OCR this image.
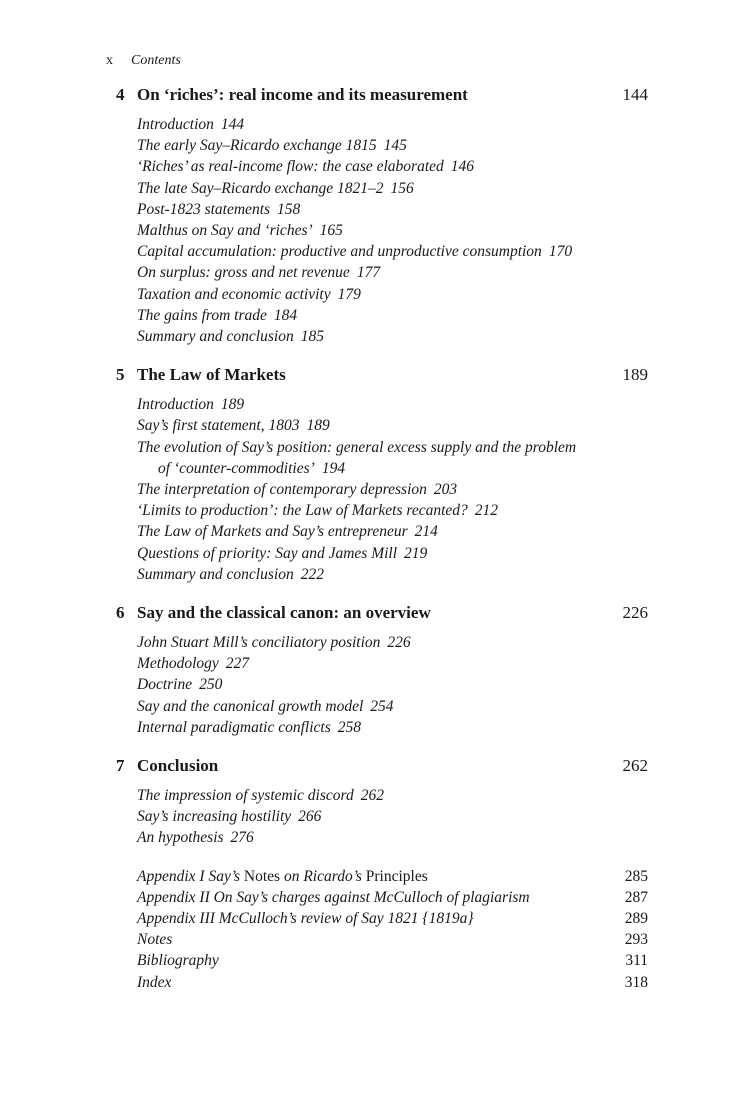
x Contents
4 On ‘riches’: real income and its measurement	144
Introduction 144
The early Say–Ricardo exchange 1815 145
‘Riches’ as real-income flow: the case elaborated 146
The late Say–Ricardo exchange 1821–2 156
Post-1823 statements 158
Malthus on Say and ‘riches’ 165
Capital accumulation: productive and unproductive consumption 170
On surplus: gross and net revenue 177
Taxation and economic activity 179
The gains from trade 184
Summary and conclusion 185
5 The Law of Markets	189
Introduction 189
Say’s first statement, 1803 189
The evolution of Say’s position: general excess supply and the problem
of ‘counter-commodities’ 194
The interpretation of contemporary depression 203
‘Limits to production’: the Law of Markets recanted? 212
The Law of Markets and Say’s entrepreneur 214
Questions of priority: Say and James Mill 219
Summary and conclusion 222
6 Say and the classical canon: an overview	226
John Stuart Mill’s conciliatory position 226
Methodology 227
Doctrine 250
Say and the canonical growth model 254
Internal paradigmatic conflicts 258
7 Conclusion	262
The impression of systemic discord 262
Say’s increasing hostility 266
An hypothesis 276
Appendix I Say’s Notes on Ricardo’s Principles	285
Appendix II On Say’s charges against McCulloch of plagiarism	287
Appendix III McCulloch’s review of Say 1821 {1819a}	289
Notes	293
Bibliography	311
Index	318
